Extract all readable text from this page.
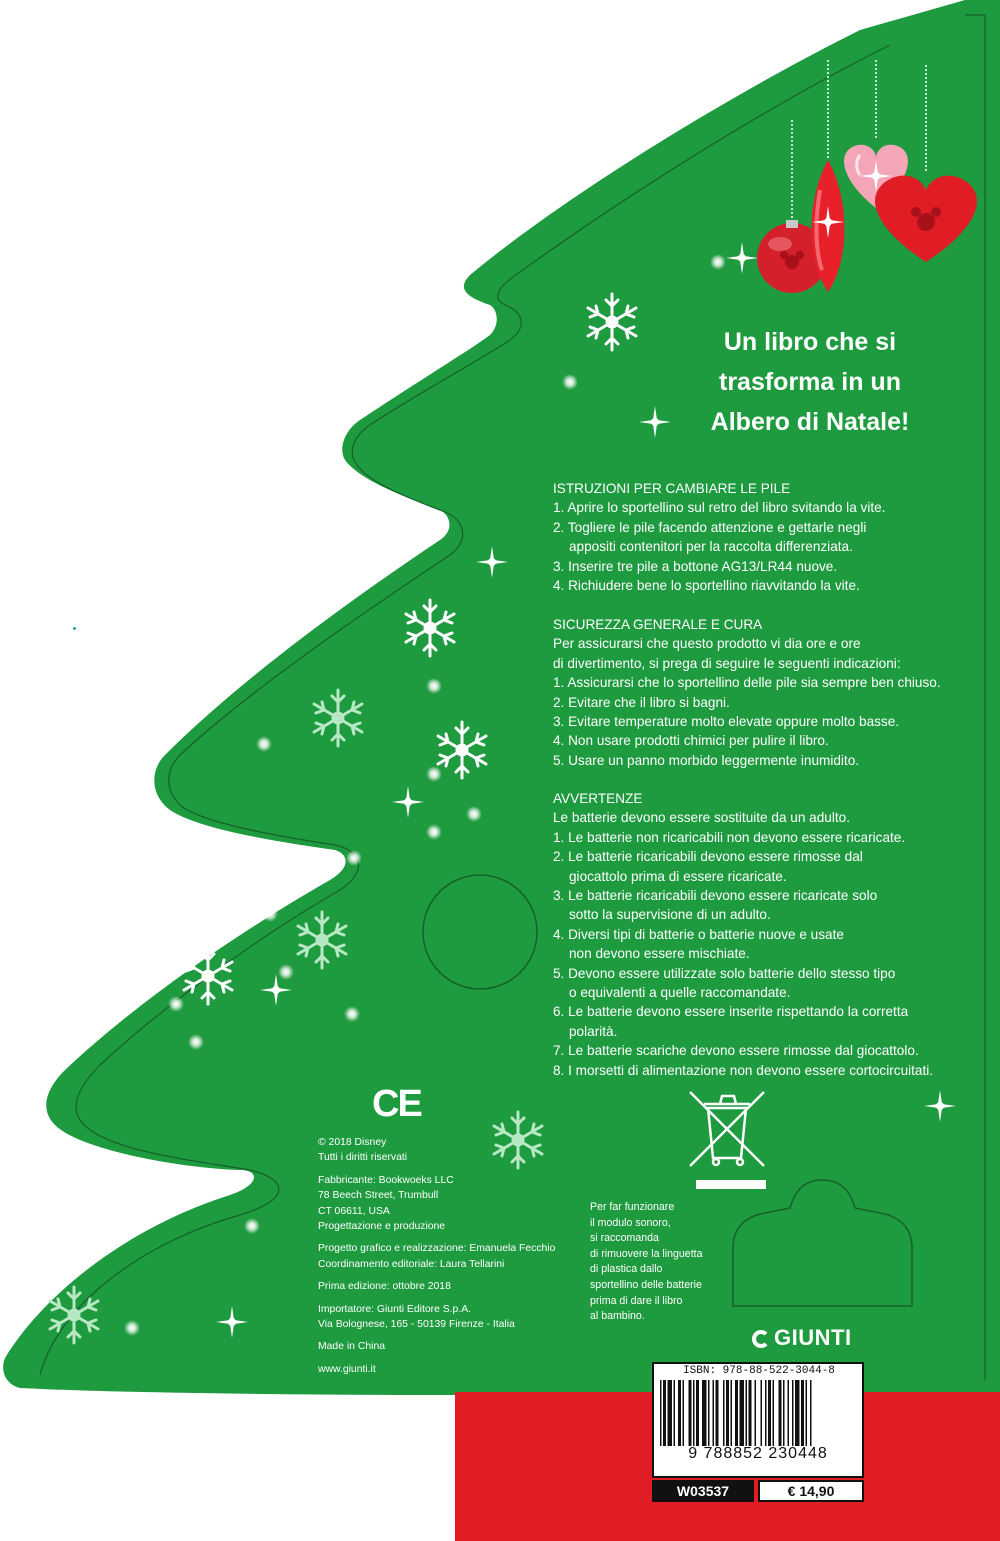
Un libro che si
trasforma in un
Albero di Natale!
ISTRUZIONI PER CAMBIARE LE PILE
1. Aprire lo sportellino sul retro del libro svitando la vite.
2. Togliere le pile facendo attenzione e gettarle negli
appositi contenitori per la raccolta differenziata.
3. Inserire tre pile a bottone AG13/LR44 nuove.
4. Richiudere bene lo sportellino riavvitando la vite.
SICUREZZA GENERALE E CURA
Per assicurarsi che questo prodotto vi dia ore e ore
di divertimento, si prega di seguire le seguenti indicazioni:
1. Assicurarsi che lo sportellino delle pile sia sempre ben chiuso.
2. Evitare che il libro si bagni.
3. Evitare temperature molto elevate oppure molto basse.
4. Non usare prodotti chimici per pulire il libro.
5. Usare un panno morbido leggermente inumidito.
AVVERTENZE
Le batterie devono essere sostituite da un adulto.
1. Le batterie non ricaricabili non devono essere ricaricate.
2. Le batterie ricaricabili devono essere rimosse dal
giocattolo prima di essere ricaricate.
3. Le batterie ricaricabili devono essere ricaricate solo
sotto la supervisione di un adulto.
4. Diversi tipi di batterie o batterie nuove e usate
non devono essere mischiate.
5. Devono essere utilizzate solo batterie dello stesso tipo
o equivalenti a quelle raccomandate.
6. Le batterie devono essere inserite rispettando la corretta
polarità.
7. Le batterie scariche devono essere rimosse dal giocattolo.
8. I morsetti di alimentazione non devono essere cortocircuitati.
CE
© 2018 Disney
Tutti i diritti riservati
Fabbricante: Bookwoeks LLC
78 Beech Street, Trumbull
CT 06611, USA
Progettazione e produzione
Progetto grafico e realizzazione: Emanuela Fecchio
Coordinamento editoriale: Laura Tellarini
Prima edizione: ottobre 2018
Importatore: Giunti Editore S.p.A.
Via Bolognese, 165 - 50139 Firenze - Italia
Made in China
www.giunti.it
Per far funzionare
il modulo sonoro,
si raccomanda
di rimuovere la linguetta
di plastica dallo
sportellino delle batterie
prima di dare il libro
al bambino.
GIUNTI
ISBN: 978-88-522-3044-8
9 788852 230448
W03537	€ 14,90
